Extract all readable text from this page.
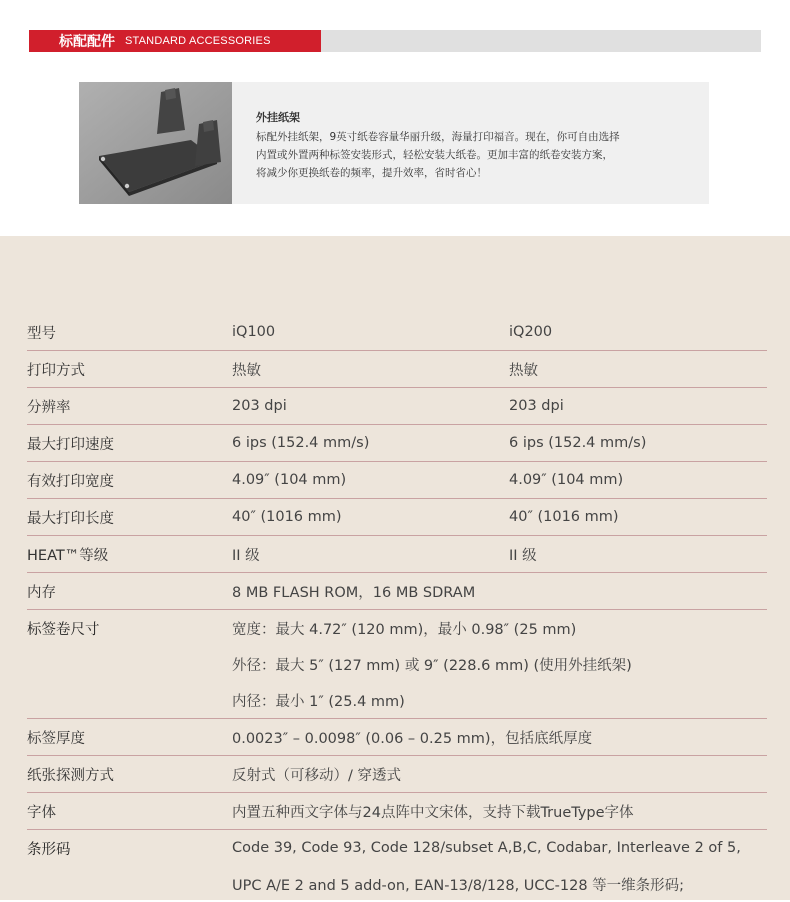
标配配件 STANDARD ACCESSORIES
外挂纸架
标配外挂纸架，9英寸纸卷容量华丽升级，海量打印福音。现在，你可自由选择
内置或外置两种标签安装形式，轻松安装大纸卷。更加丰富的纸卷安装方案，
将减少你更换纸卷的频率，提升效率，省时省心！
型号	iQ100	iQ200
打印方式	热敏	热敏
分辨率	203 dpi	203 dpi
最大打印速度	6 ips (152.4 mm/s)	6 ips (152.4 mm/s)
有效打印宽度	4.09″ (104 mm)	4.09″ (104 mm)
最大打印长度	40″ (1016 mm)	40″ (1016 mm)
HEAT™等级	II 级	II 级
内存	8 MB FLASH ROM，16 MB SDRAM
标签卷尺寸	宽度：最大 4.72″ (120 mm)，最小 0.98″ (25 mm)
外径：最大 5″ (127 mm) 或 9″ (228.6 mm) (使用外挂纸架)
内径：最小 1″ (25.4 mm)
标签厚度	0.0023″ – 0.0098″ (0.06 – 0.25 mm)，包括底纸厚度
纸张探测方式	反射式（可移动）/ 穿透式
字体	内置五种西文字体与24点阵中文宋体，支持下载TrueType字体
条形码	Code 39, Code 93, Code 128/subset A,B,C, Codabar, Interleave 2 of 5,
UPC A/E 2 and 5 add-on, EAN-13/8/128, UCC-128 等一维条形码;
